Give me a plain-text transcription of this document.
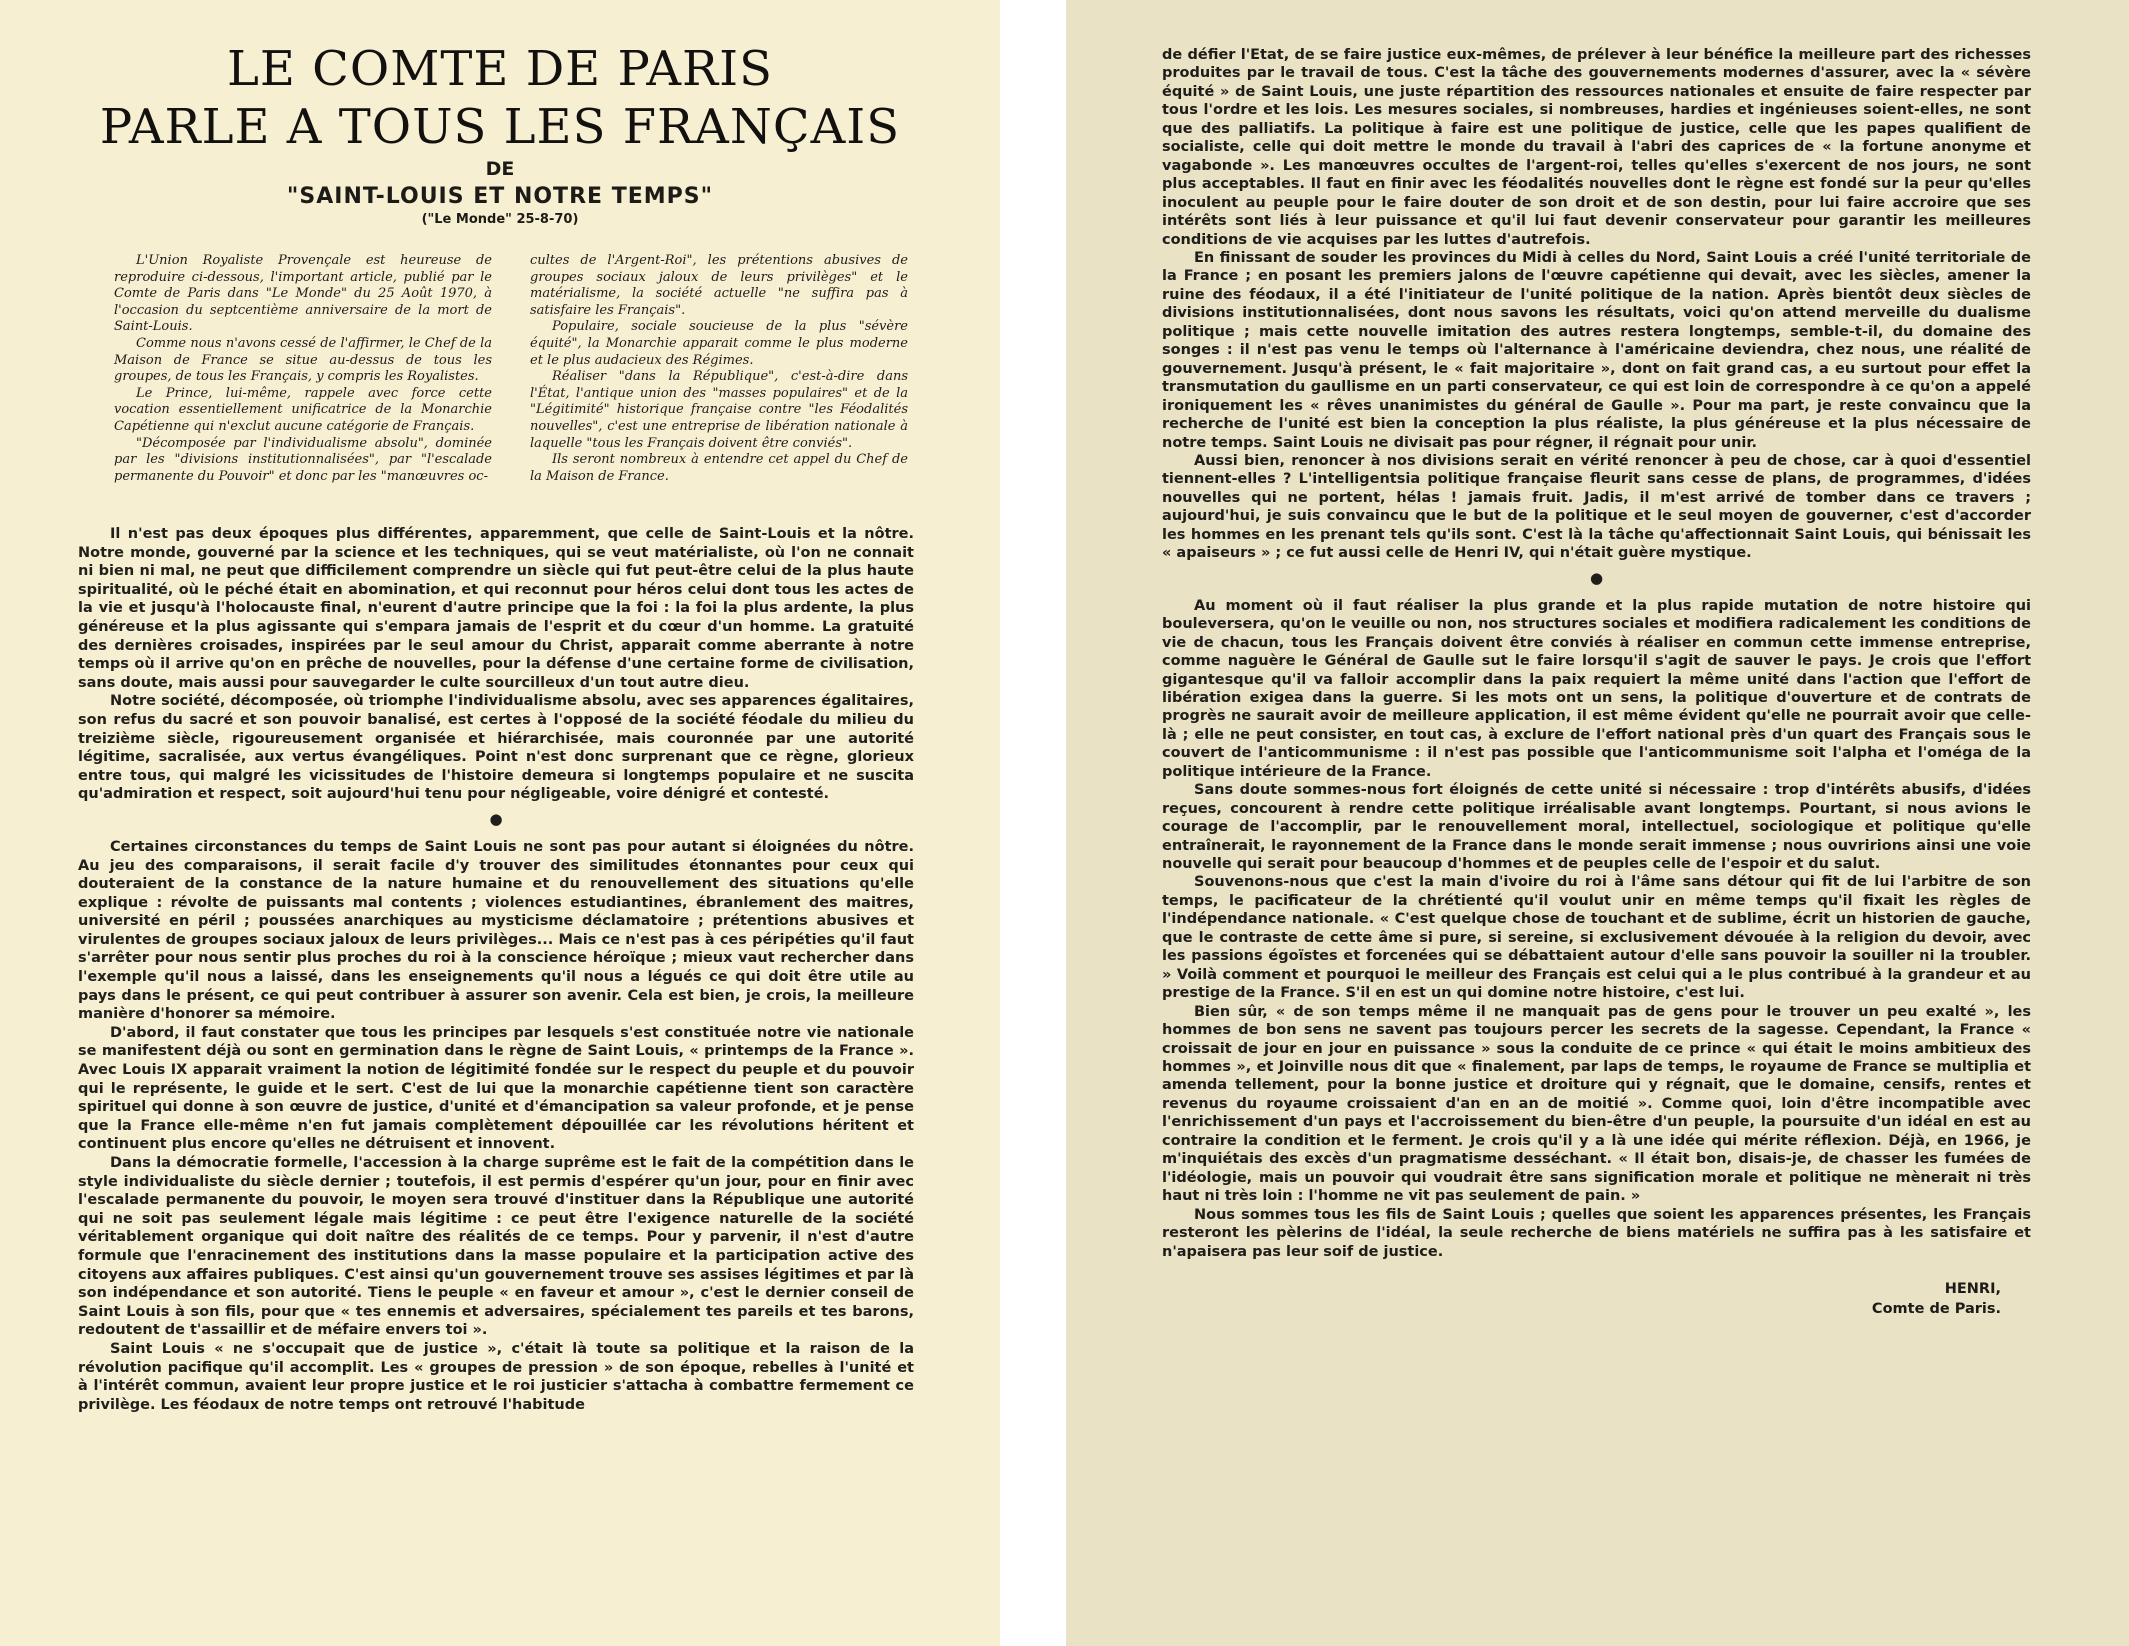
LE COMTE DE PARIS
PARLE A TOUS LES FRANÇAIS
DE
"SAINT-LOUIS ET NOTRE TEMPS"
("Le Monde" 25-8-70)

L'Union Royaliste Provençale est heureuse de reproduire ci-dessous, l'important article, publié par le Comte de Paris dans "Le Monde" du 25 Août 1970, à l'occasion du septcentième anniversaire de la mort de Saint-Louis.

Comme nous n'avons cessé de l'affirmer, le Chef de la Maison de France se situe au-dessus de tous les groupes, de tous les Français, y compris les Royalistes.

Le Prince, lui-même, rappele avec force cette vocation essentiellement unificatrice de la Monarchie Capétienne qui n'exclut aucune catégorie de Français.

"Décomposée par l'individualisme absolu", dominée par les "divisions institutionnalisées", par "l'escalade permanente du Pouvoir" et donc par les "manœuvres oc-

cultes de l'Argent-Roi", les prétentions abusives de groupes sociaux jaloux de leurs privilèges" et le matérialisme, la société actuelle "ne suffira pas à satisfaire les Français".

Populaire, sociale soucieuse de la plus "sévère équité", la Monarchie apparait comme le plus moderne et le plus audacieux des Régimes.

Réaliser "dans la République", c'est-à-dire dans l'État, l'antique union des "masses populaires" et de la "Légitimité" historique française contre "les Féodalités nouvelles", c'est une entreprise de libération nationale à laquelle "tous les Français doivent être conviés".

Ils seront nombreux à entendre cet appel du Chef de la Maison de France.

Il n'est pas deux époques plus différentes, apparemment, que celle de Saint-Louis et la nôtre. Notre monde, gouverné par la science et les techniques, qui se veut matérialiste, où l'on ne connait ni bien ni mal, ne peut que difficilement comprendre un siècle qui fut peut-être celui de la plus haute spiritualité, où le péché était en abomination, et qui reconnut pour héros celui dont tous les actes de la vie et jusqu'à l'holocauste final, n'eurent d'autre principe que la foi : la foi la plus ardente, la plus généreuse et la plus agissante qui s'empara jamais de l'esprit et du cœur d'un homme. La gratuité des dernières croisades, inspirées par le seul amour du Christ, apparait comme aberrante à notre temps où il arrive qu'on en prêche de nouvelles, pour la défense d'une certaine forme de civilisation, sans doute, mais aussi pour sauvegarder le culte sourcilleux d'un tout autre dieu.

Notre société, décomposée, où triomphe l'individualisme absolu, avec ses apparences égalitaires, son refus du sacré et son pouvoir banalisé, est certes à l'opposé de la société féodale du milieu du treizième siècle, rigoureusement organisée et hiérarchisée, mais couronnée par une autorité légitime, sacralisée, aux vertus évangéliques. Point n'est donc surprenant que ce règne, glorieux entre tous, qui malgré les vicissitudes de l'histoire demeura si longtemps populaire et ne suscita qu'admiration et respect, soit aujourd'hui tenu pour négligeable, voire dénigré et contesté.

●

Certaines circonstances du temps de Saint Louis ne sont pas pour autant si éloignées du nôtre. Au jeu des comparaisons, il serait facile d'y trouver des similitudes étonnantes pour ceux qui douteraient de la constance de la nature humaine et du renouvellement des situations qu'elle explique : révolte de puissants mal contents ; violences estudiantines, ébranlement des maitres, université en péril ; poussées anarchiques au mysticisme déclamatoire ; prétentions abusives et virulentes de groupes sociaux jaloux de leurs privilèges... Mais ce n'est pas à ces péripéties qu'il faut s'arrêter pour nous sentir plus proches du roi à la conscience héroïque ; mieux vaut rechercher dans l'exemple qu'il nous a laissé, dans les enseignements qu'il nous a légués ce qui doit être utile au pays dans le présent, ce qui peut contribuer à assurer son avenir. Cela est bien, je crois, la meilleure manière d'honorer sa mémoire.

D'abord, il faut constater que tous les principes par lesquels s'est constituée notre vie nationale se manifestent déjà ou sont en germination dans le règne de Saint Louis, « printemps de la France ». Avec Louis IX apparait vraiment la notion de légitimité fondée sur le respect du peuple et du pouvoir qui le représente, le guide et le sert. C'est de lui que la monarchie capétienne tient son caractère spirituel qui donne à son œuvre de justice, d'unité et d'émancipation sa valeur profonde, et je pense que la France elle-même n'en fut jamais complètement dépouillée car les révolutions héritent et continuent plus encore qu'elles ne détruisent et innovent.

Dans la démocratie formelle, l'accession à la charge suprême est le fait de la compétition dans le style individualiste du siècle dernier ; toutefois, il est permis d'espérer qu'un jour, pour en finir avec l'escalade permanente du pouvoir, le moyen sera trouvé d'instituer dans la République une autorité qui ne soit pas seulement légale mais légitime : ce peut être l'exigence naturelle de la société véritablement organique qui doit naître des réalités de ce temps. Pour y parvenir, il n'est d'autre formule que l'enracinement des institutions dans la masse populaire et la participation active des citoyens aux affaires publiques. C'est ainsi qu'un gouvernement trouve ses assises légitimes et par là son indépendance et son autorité. Tiens le peuple « en faveur et amour », c'est le dernier conseil de Saint Louis à son fils, pour que « tes ennemis et adversaires, spécialement tes pareils et tes barons, redoutent de t'assaillir et de méfaire envers toi ».

Saint Louis « ne s'occupait que de justice », c'était là toute sa politique et la raison de la révolution pacifique qu'il accomplit. Les « groupes de pression » de son époque, rebelles à l'unité et à l'intérêt commun, avaient leur propre justice et le roi justicier s'attacha à combattre fermement ce privilège. Les féodaux de notre temps ont retrouvé l'habitude

de défier l'Etat, de se faire justice eux-mêmes, de prélever à leur bénéfice la meilleure part des richesses produites par le travail de tous. C'est la tâche des gouvernements modernes d'assurer, avec la « sévère équité » de Saint Louis, une juste répartition des ressources nationales et ensuite de faire respecter par tous l'ordre et les lois. Les mesures sociales, si nombreuses, hardies et ingénieuses soient-elles, ne sont que des palliatifs. La politique à faire est une politique de justice, celle que les papes qualifient de socialiste, celle qui doit mettre le monde du travail à l'abri des caprices de « la fortune anonyme et vagabonde ». Les manœuvres occultes de l'argent-roi, telles qu'elles s'exercent de nos jours, ne sont plus acceptables. Il faut en finir avec les féodalités nouvelles dont le règne est fondé sur la peur qu'elles inoculent au peuple pour le faire douter de son droit et de son destin, pour lui faire accroire que ses intérêts sont liés à leur puissance et qu'il lui faut devenir conservateur pour garantir les meilleures conditions de vie acquises par les luttes d'autrefois.

En finissant de souder les provinces du Midi à celles du Nord, Saint Louis a créé l'unité territoriale de la France ; en posant les premiers jalons de l'œuvre capétienne qui devait, avec les siècles, amener la ruine des féodaux, il a été l'initiateur de l'unité politique de la nation. Après bientôt deux siècles de divisions institutionnalisées, dont nous savons les résultats, voici qu'on attend merveille du dualisme politique ; mais cette nouvelle imitation des autres restera longtemps, semble-t-il, du domaine des songes : il n'est pas venu le temps où l'alternance à l'américaine deviendra, chez nous, une réalité de gouvernement. Jusqu'à présent, le « fait majoritaire », dont on fait grand cas, a eu surtout pour effet la transmutation du gaullisme en un parti conservateur, ce qui est loin de correspondre à ce qu'on a appelé ironiquement les « rêves unanimistes du général de Gaulle ». Pour ma part, je reste convaincu que la recherche de l'unité est bien la conception la plus réaliste, la plus généreuse et la plus nécessaire de notre temps. Saint Louis ne divisait pas pour régner, il régnait pour unir.

Aussi bien, renoncer à nos divisions serait en vérité renoncer à peu de chose, car à quoi d'essentiel tiennent-elles ? L'intelligentsia politique française fleurit sans cesse de plans, de programmes, d'idées nouvelles qui ne portent, hélas ! jamais fruit. Jadis, il m'est arrivé de tomber dans ce travers ; aujourd'hui, je suis convaincu que le but de la politique et le seul moyen de gouverner, c'est d'accorder les hommes en les prenant tels qu'ils sont. C'est là la tâche qu'affectionnait Saint Louis, qui bénissait les « apaiseurs » ; ce fut aussi celle de Henri IV, qui n'était guère mystique.

●

Au moment où il faut réaliser la plus grande et la plus rapide mutation de notre histoire qui bouleversera, qu'on le veuille ou non, nos structures sociales et modifiera radicalement les conditions de vie de chacun, tous les Français doivent être conviés à réaliser en commun cette immense entreprise, comme naguère le Général de Gaulle sut le faire lorsqu'il s'agit de sauver le pays. Je crois que l'effort gigantesque qu'il va falloir accomplir dans la paix requiert la même unité dans l'action que l'effort de libération exigea dans la guerre. Si les mots ont un sens, la politique d'ouverture et de contrats de progrès ne saurait avoir de meilleure application, il est même évident qu'elle ne pourrait avoir que celle-là ; elle ne peut consister, en tout cas, à exclure de l'effort national près d'un quart des Français sous le couvert de l'anticommunisme : il n'est pas possible que l'anticommunisme soit l'alpha et l'oméga de la politique intérieure de la France.

Sans doute sommes-nous fort éloignés de cette unité si nécessaire : trop d'intérêts abusifs, d'idées reçues, concourent à rendre cette politique irréalisable avant longtemps. Pourtant, si nous avions le courage de l'accomplir, par le renouvellement moral, intellectuel, sociologique et politique qu'elle entraînerait, le rayonnement de la France dans le monde serait immense ; nous ouvririons ainsi une voie nouvelle qui serait pour beaucoup d'hommes et de peuples celle de l'espoir et du salut.

Souvenons-nous que c'est la main d'ivoire du roi à l'âme sans détour qui fit de lui l'arbitre de son temps, le pacificateur de la chrétienté qu'il voulut unir en même temps qu'il fixait les règles de l'indépendance nationale. « C'est quelque chose de touchant et de sublime, écrit un historien de gauche, que le contraste de cette âme si pure, si sereine, si exclusivement dévouée à la religion du devoir, avec les passions égoïstes et forcenées qui se débattaient autour d'elle sans pouvoir la souiller ni la troubler. » Voilà comment et pourquoi le meilleur des Français est celui qui a le plus contribué à la grandeur et au prestige de la France. S'il en est un qui domine notre histoire, c'est lui.

Bien sûr, « de son temps même il ne manquait pas de gens pour le trouver un peu exalté », les hommes de bon sens ne savent pas toujours percer les secrets de la sagesse. Cependant, la France « croissait de jour en jour en puissance » sous la conduite de ce prince « qui était le moins ambitieux des hommes », et Joinville nous dit que « finalement, par laps de temps, le royaume de France se multiplia et amenda tellement, pour la bonne justice et droiture qui y régnait, que le domaine, censifs, rentes et revenus du royaume croissaient d'an en an de moitié ». Comme quoi, loin d'être incompatible avec l'enrichissement d'un pays et l'accroissement du bien-être d'un peuple, la poursuite d'un idéal en est au contraire la condition et le ferment. Je crois qu'il y a là une idée qui mérite réflexion. Déjà, en 1966, je m'inquiétais des excès d'un pragmatisme desséchant. « Il était bon, disais-je, de chasser les fumées de l'idéologie, mais un pouvoir qui voudrait être sans signification morale et politique ne mènerait ni très haut ni très loin : l'homme ne vit pas seulement de pain. »

Nous sommes tous les fils de Saint Louis ; quelles que soient les apparences présentes, les Français resteront les pèlerins de l'idéal, la seule recherche de biens matériels ne suffira pas à les satisfaire et n'apaisera pas leur soif de justice.

HENRI,
Comte de Paris.
